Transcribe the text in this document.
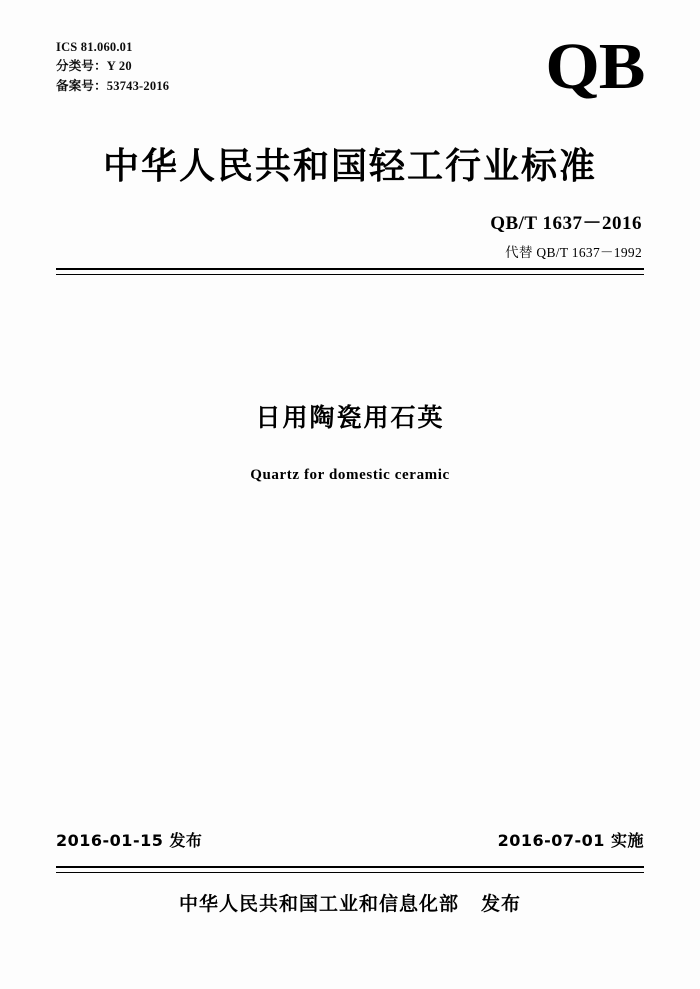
ICS 81.060.01
分类号：Y 20
备案号：53743-2016	QB
中华人民共和国轻工行业标准
QB/T 1637－2016
代替 QB/T 1637－1992
日用陶瓷用石英
Quartz for domestic ceramic
2016-01-15 发布	2016-07-01 实施
中华人民共和国工业和信息化部 发布
